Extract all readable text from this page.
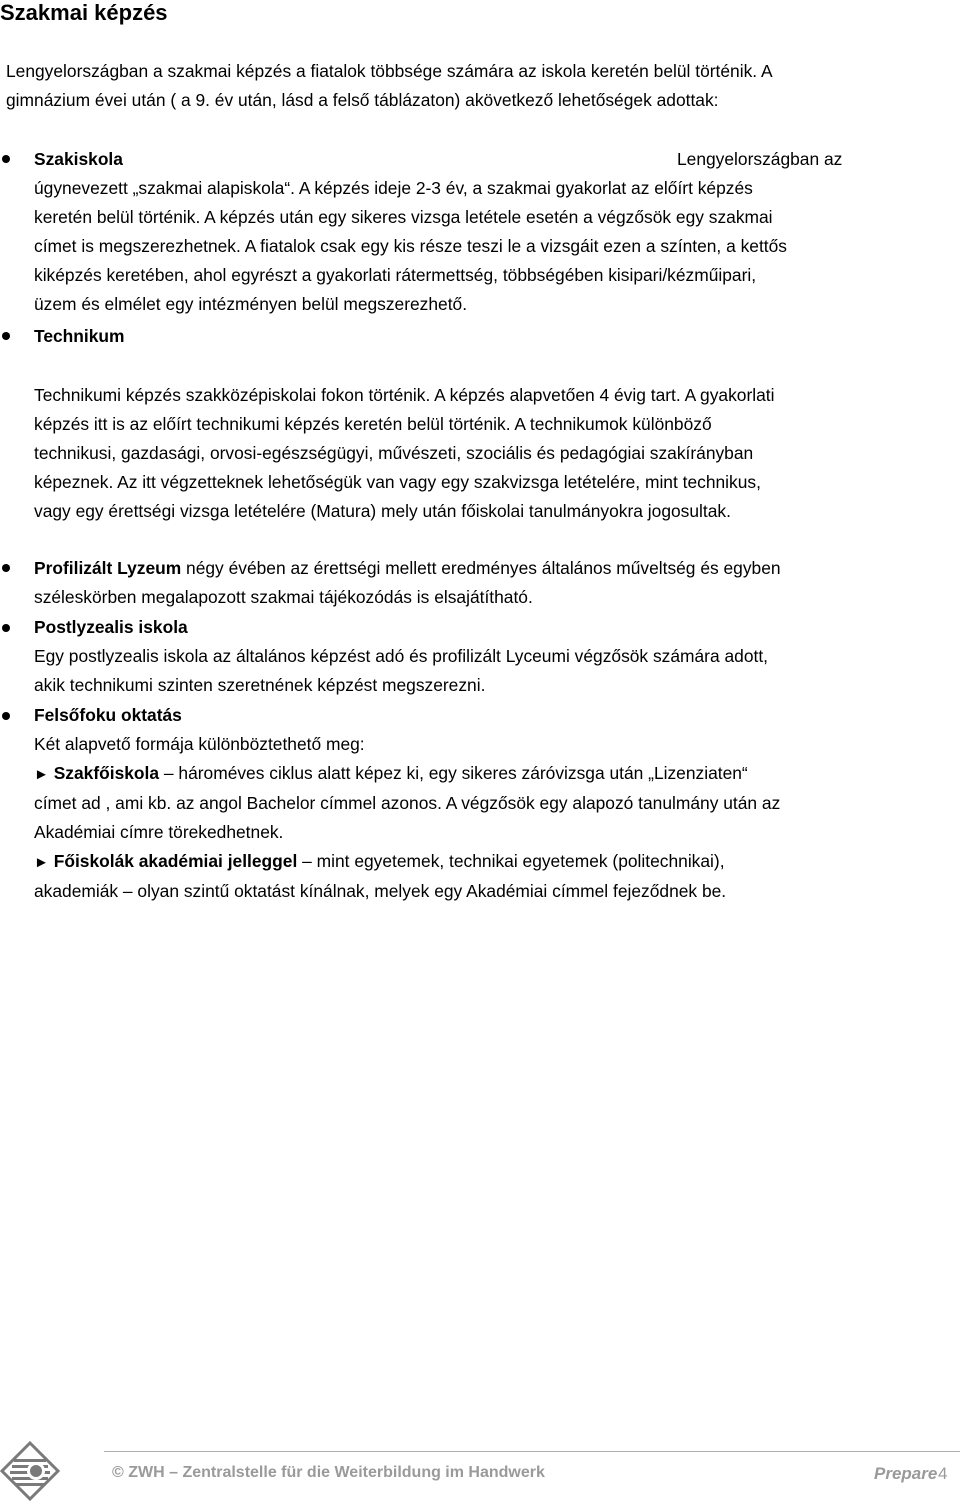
Szakmai képzés
Lengyelországban a szakmai képzés a fiatalok többsége számára az iskola keretén belül történik. A
gimnázium évei után ( a 9. év után, lásd a felső táblázaton) akövetkező lehetőségek adottak:
Szakiskola	Lengyelországban az
úgynevezett „szakmai alapiskola“. A képzés ideje 2-3 év, a szakmai gyakorlat az előírt képzés
keretén belül történik. A képzés után egy sikeres vizsga letétele esetén a végzősök egy szakmai
címet is megszerezhetnek. A fiatalok csak egy kis része teszi le a vizsgáit ezen a színten, a kettős
kiképzés keretében, ahol egyrészt a gyakorlati rátermettség, többségében kisipari/kézműipari,
üzem és elmélet egy intézményen belül megszerezhető.
Technikum
Technikumi képzés szakközépiskolai fokon történik. A képzés alapvetően 4 évig tart. A gyakorlati
képzés itt is az előírt technikumi képzés keretén belül történik. A technikumok különböző
technikusi, gazdasági, orvosi-egészségügyi, művészeti, szociális és pedagógiai szakírányban
képeznek. Az itt végzetteknek lehetőségük van vagy egy szakvizsga letételére, mint technikus,
vagy egy érettségi vizsga letételére (Matura) mely után főiskolai tanulmányokra jogosultak.
Profilizált Lyzeum négy évében az érettségi mellett eredményes általános műveltség és egyben
széleskörben megalapozott szakmai tájékozódás is elsajátítható.
Postlyzealis iskola
Egy postlyzealis iskola az általános képzést adó és profilizált Lyceumi végzősök számára adott,
akik technikumi szinten szeretnének képzést megszerezni.
Felsőfoku oktatás
Két alapvető formája különböztethető meg:
► Szakfőiskola – hároméves ciklus alatt képez ki, egy sikeres záróvizsga után „Lizenziaten“
címet ad , ami kb. az angol Bachelor címmel azonos. A végzősök egy alapozó tanulmány után az
Akadémiai címre törekedhetnek.
► Főiskolák akadémiai jelleggel – mint egyetemek, technikai egyetemek (politechnikai),
akademiák – olyan szintű oktatást kínálnak, melyek egy Akadémiai címmel fejeződnek be.
© ZWH – Zentralstelle für die Weiterbildung im Handwerk	Prepare 4
